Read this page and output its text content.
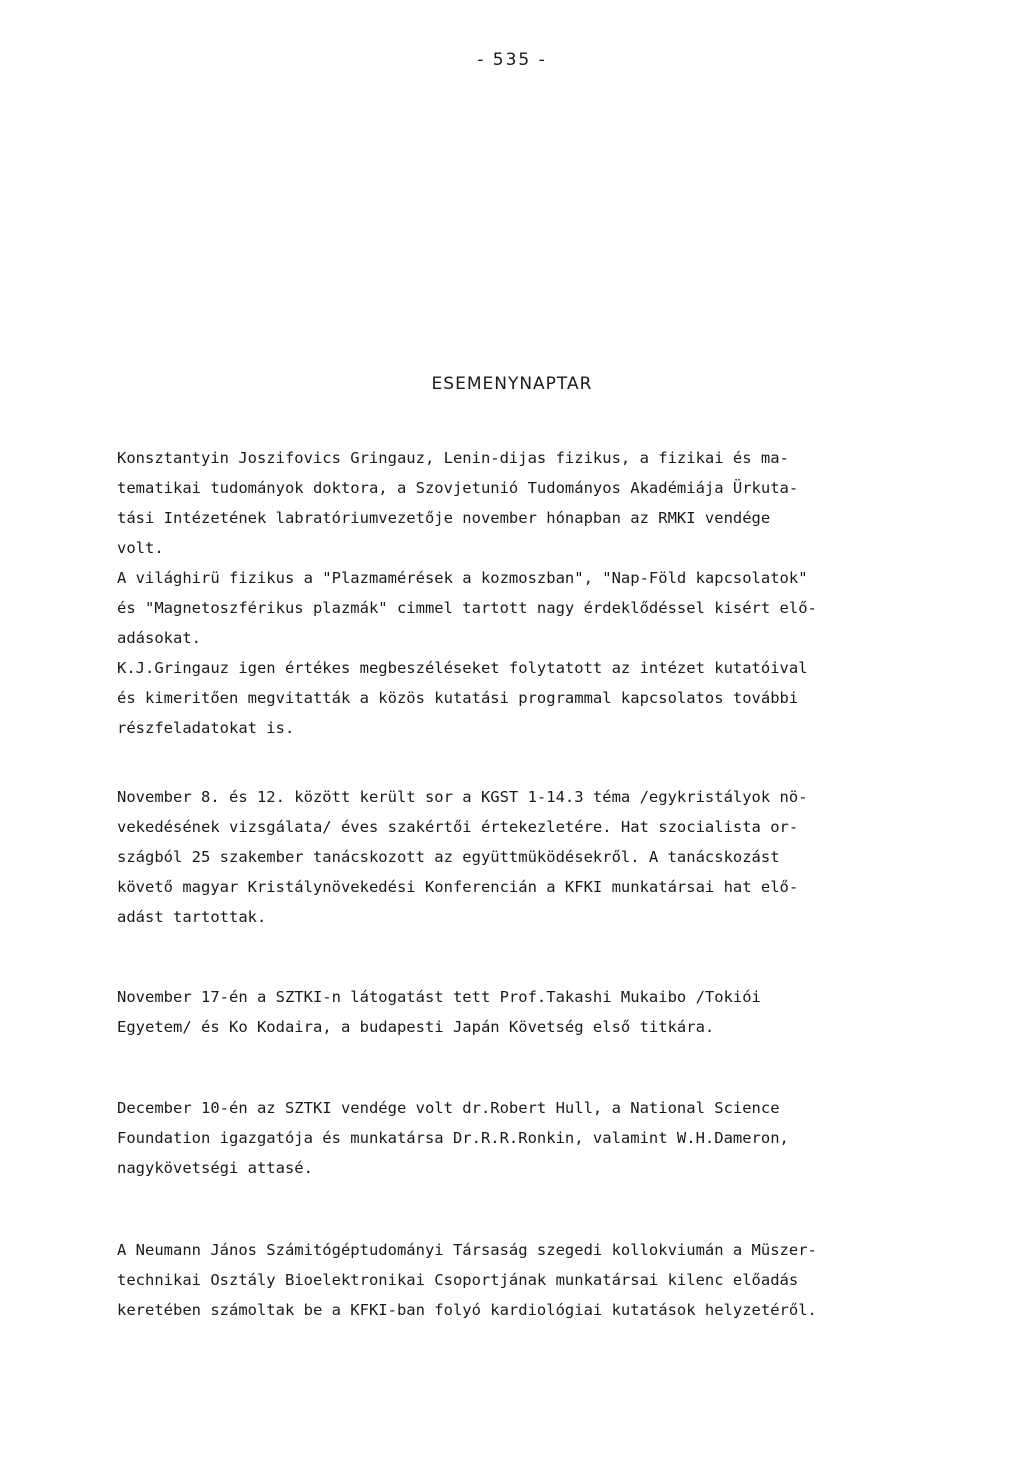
- 535 -
ESEMENYNAPTAR
Konsztantyin Joszifovics Gringauz, Lenin-dijas fizikus, a fizikai és ma-
tematikai tudományok doktora, a Szovjetunió Tudományos Akadémiája Ürkuta-
tási Intézetének labratóriumvezetője november hónapban az RMKI vendége
volt.
A világhirü fizikus a "Plazmamérések a kozmoszban", "Nap-Föld kapcsolatok"
és "Magnetoszférikus plazmák" cimmel tartott nagy érdeklődéssel kisért elő-
adásokat.
K.J.Gringauz igen értékes megbeszéléseket folytatott az intézet kutatóival
és kimeritően megvitatták a közös kutatási programmal kapcsolatos további
részfeladatokat is.
November 8. és 12. között került sor a KGST 1-14.3 téma /egykristályok nö-
vekedésének vizsgálata/ éves szakértői értekezletére. Hat szocialista or-
szágból 25 szakember tanácskozott az együttmüködésekről. A tanácskozást
követő magyar Kristálynövekedési Konferencián a KFKI munkatársai hat elő-
adást tartottak.
November 17-én a SZTKI-n látogatást tett Prof.Takashi Mukaibo /Tokiói
Egyetem/ és Ko Kodaira, a budapesti Japán Követség első titkára.
December 10-én az SZTKI vendége volt dr.Robert Hull, a National Science
Foundation igazgatója és munkatársa Dr.R.R.Ronkin, valamint W.H.Dameron,
nagykövetségi attasé.
A Neumann János Számitógéptudományi Társaság szegedi kollokviumán a Müszer-
technikai Osztály Bioelektronikai Csoportjának munkatársai kilenc előadás
keretében számoltak be a KFKI-ban folyó kardiológiai kutatások helyzetéről.
